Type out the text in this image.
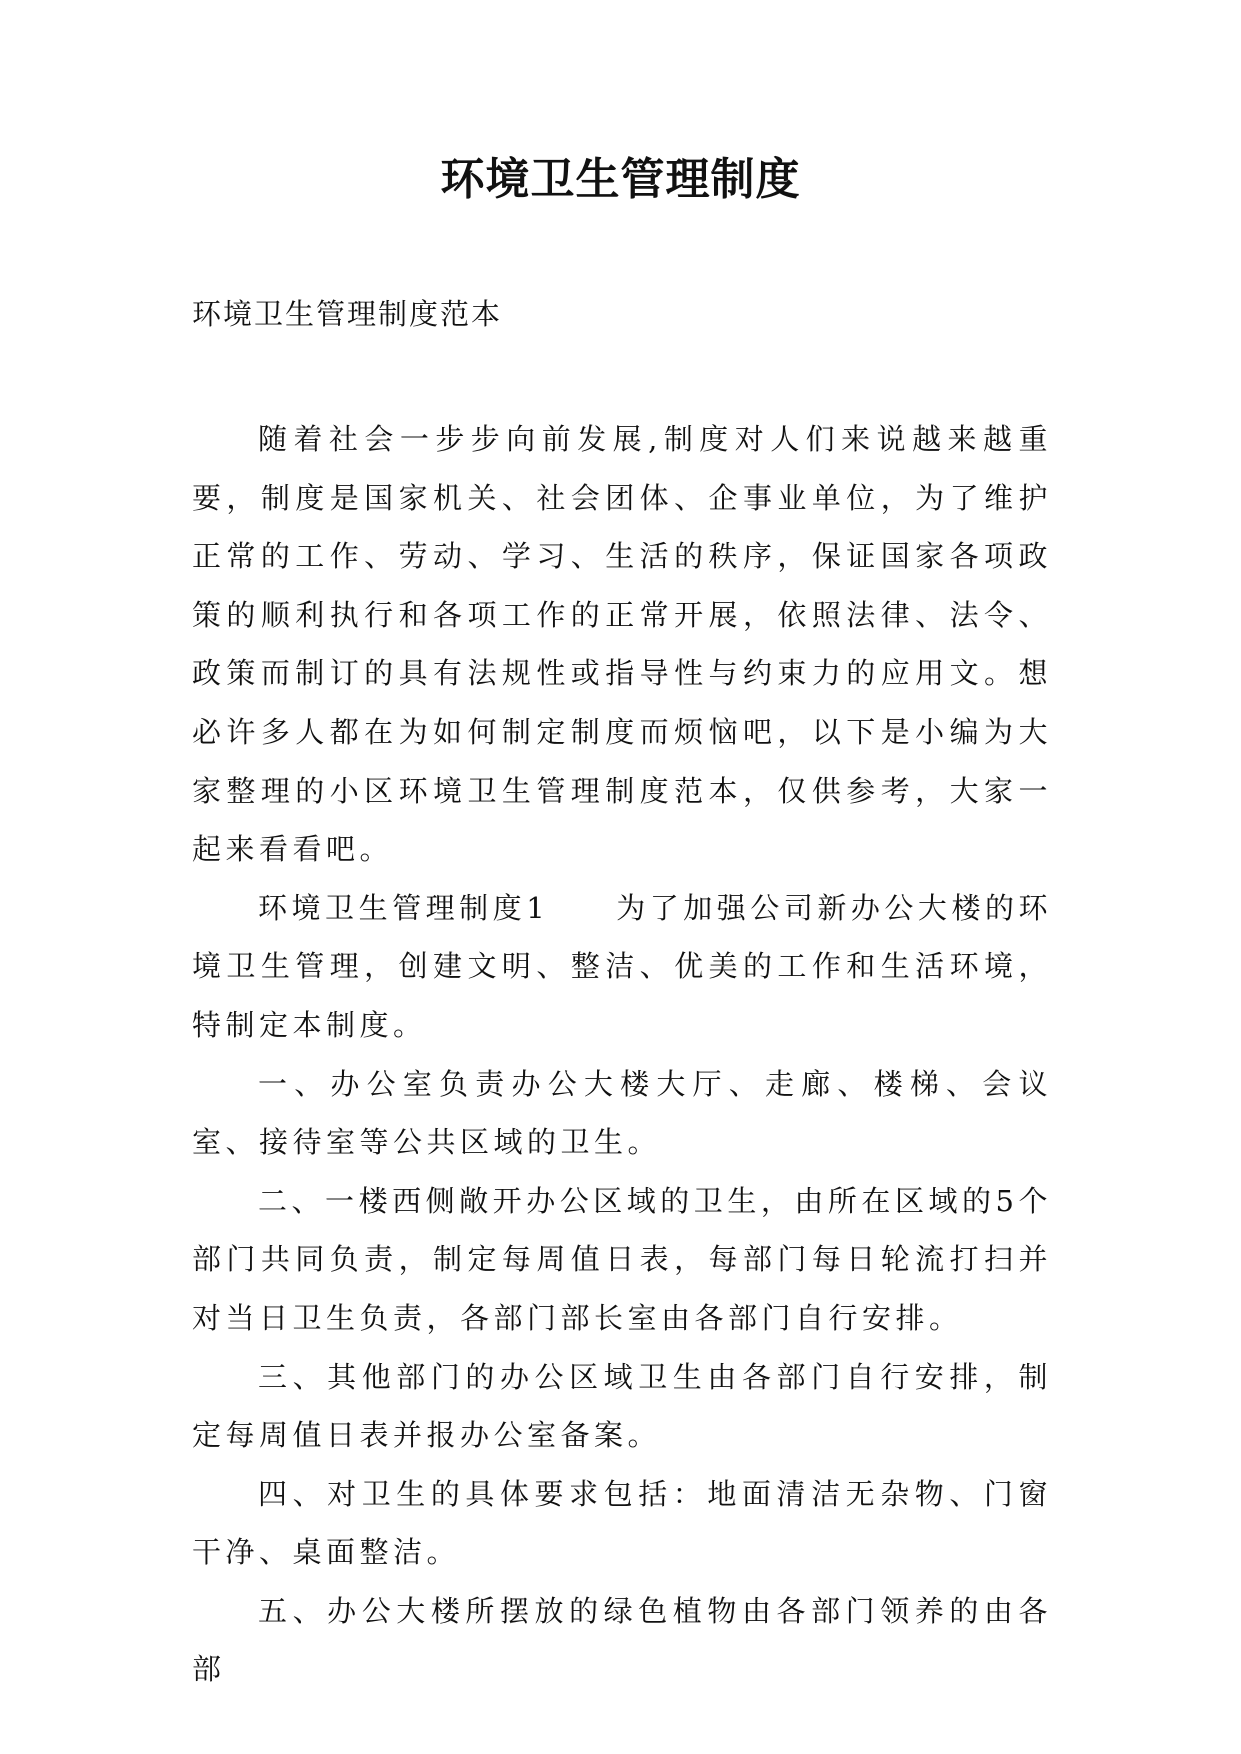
环境卫生管理制度

环境卫生管理制度范本

随着社会一步步向前发展,制度对人们来说越来越重要，制度是国家机关、社会团体、企事业单位，为了维护正常的工作、劳动、学习、生活的秩序，保证国家各项政策的顺利执行和各项工作的正常开展，依照法律、法令、政策而制订的具有法规性或指导性与约束力的应用文。想必许多人都在为如何制定制度而烦恼吧，以下是小编为大家整理的小区环境卫生管理制度范本，仅供参考，大家一起来看看吧。

环境卫生管理制度1　　为了加强公司新办公大楼的环境卫生管理，创建文明、整洁、优美的工作和生活环境，特制定本制度。

一、办公室负责办公大楼大厅、走廊、楼梯、会议室、接待室等公共区域的卫生。

二、一楼西侧敞开办公区域的卫生，由所在区域的5个部门共同负责，制定每周值日表，每部门每日轮流打扫并对当日卫生负责，各部门部长室由各部门自行安排。

三、其他部门的办公区域卫生由各部门自行安排，制定每周值日表并报办公室备案。

四、对卫生的具体要求包括：地面清洁无杂物、门窗干净、桌面整洁。

五、办公大楼所摆放的绿色植物由各部门领养的由各部
